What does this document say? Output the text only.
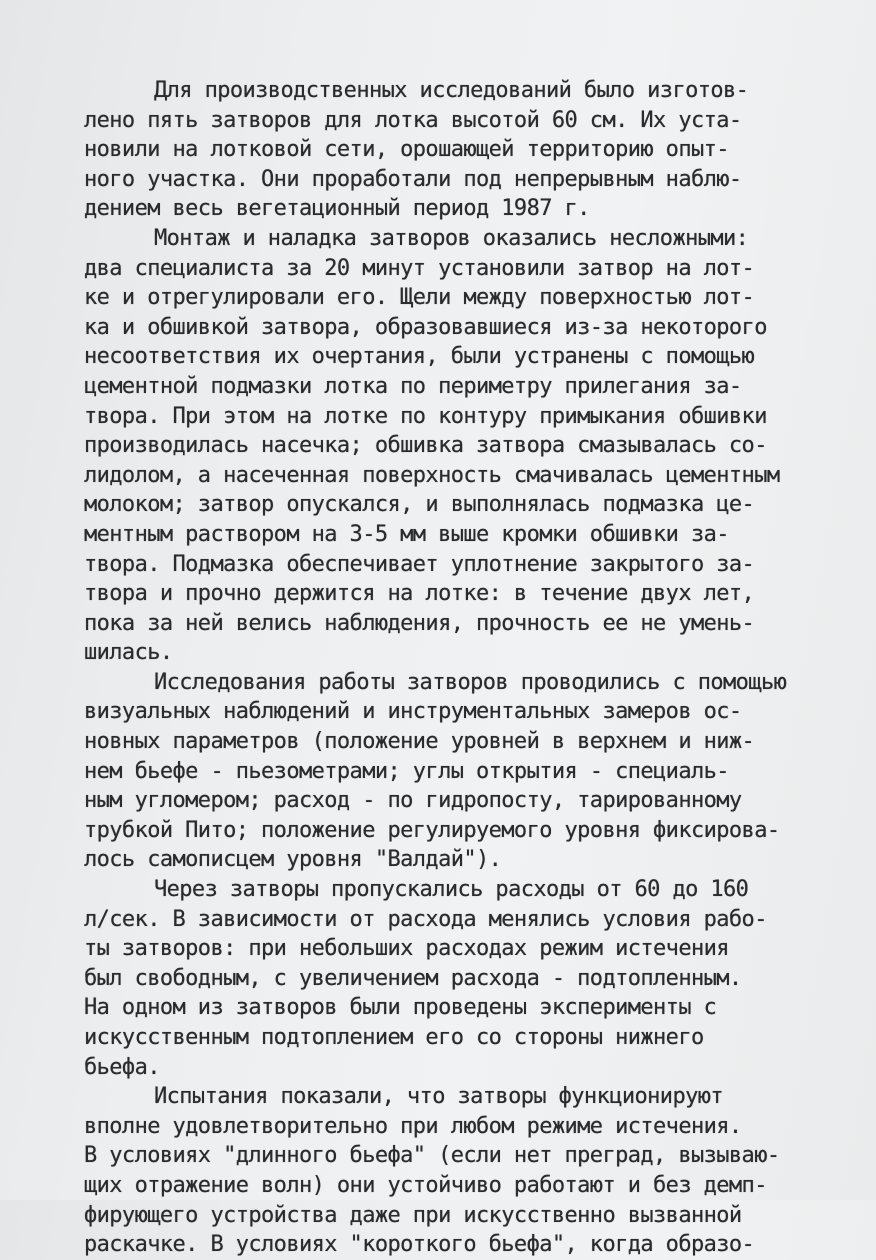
Для производственных исследований было изготов-
лено пять затворов для лотка высотой 60 см. Их уста-
новили на лотковой сети, орошающей территорию опыт-
ного участка. Они проработали под непрерывным наблю-
дением весь вегетационный период 1987 г.
Монтаж и наладка затворов оказались несложными:
два специалиста за 20 минут установили затвор на лот-
ке и отрегулировали его. Щели между поверхностью лот-
ка и обшивкой затвора, образовавшиеся из-за некоторого
несоответствия их очертания, были устранены с помощью
цементной подмазки лотка по периметру прилегания за-
твора. При этом на лотке по контуру примыкания обшивки
производилась насечка; обшивка затвора смазывалась со-
лидолом, а насеченная поверхность смачивалась цементным
молоком; затвор опускался, и выполнялась подмазка це-
ментным раствором на 3-5 мм выше кромки обшивки за-
твора. Подмазка обеспечивает уплотнение закрытого за-
твора и прочно держится на лотке: в течение двух лет,
пока за ней велись наблюдения, прочность ее не умень-
шилась.
Исследования работы затворов проводились с помощью
визуальных наблюдений и инструментальных замеров ос-
новных параметров (положение уровней в верхнем и ниж-
нем бьефе - пьезометрами; углы открытия - специаль-
ным угломером; расход - по гидропосту, тарированному
трубкой Пито; положение регулируемого уровня фиксирова-
лось самописцем уровня "Валдай").
Через затворы пропускались расходы от 60 до 160
л/сек. В зависимости от расхода менялись условия рабо-
ты затворов: при небольших расходах режим истечения
был свободным, с увеличением расхода - подтопленным.
На одном из затворов были проведены эксперименты с
искусственным подтоплением его со стороны нижнего
бьефа.
Испытания показали, что затворы функционируют
вполне удовлетворительно при любом режиме истечения.
В условиях "длинного бьефа" (если нет преград, вызываю-
щих отражение волн) они устойчиво работают и без демп-
фирующего устройства даже при искусственно вызванной
раскачке. В условиях "короткого бьефа", когда образо-
